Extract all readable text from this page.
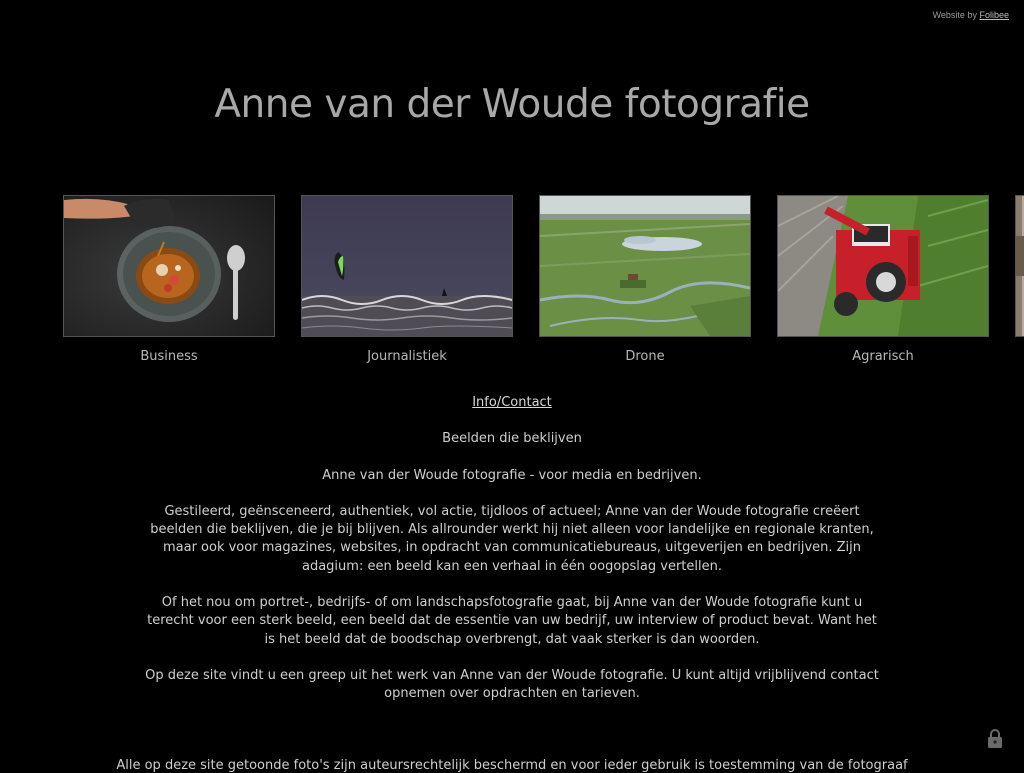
Website by Folibee
Anne van der Woude fotografie
Business	Journalistiek	Drone	Agrarisch
Info/Contact

Beelden die beklijven

Anne van der Woude fotografie - voor media en bedrijven.

Gestileerd, geënsceneerd, authentiek, vol actie, tijdloos of actueel; Anne van der Woude fotografie creëert beelden die beklijven, die je bij blijven. Als allrounder werkt hij niet alleen voor landelijke en regionale kranten, maar ook voor magazines, websites, in opdracht van communicatiebureaus, uitgeverijen en bedrijven. Zijn adagium: een beeld kan een verhaal in één oogopslag vertellen.

Of het nou om portret-, bedrijfs- of om landschapsfotografie gaat, bij Anne van der Woude fotografie kunt u terecht voor een sterk beeld, een beeld dat de essentie van uw bedrijf, uw interview of product bevat. Want het is het beeld dat de boodschap overbrengt, dat vaak sterker is dan woorden.

Op deze site vindt u een greep uit het werk van Anne van der Woude fotografie. U kunt altijd vrijblijvend contact opnemen over opdrachten en tarieven.

Alle op deze site getoonde foto's zijn auteursrechtelijk beschermd en voor ieder gebruik is toestemming van de fotograaf
